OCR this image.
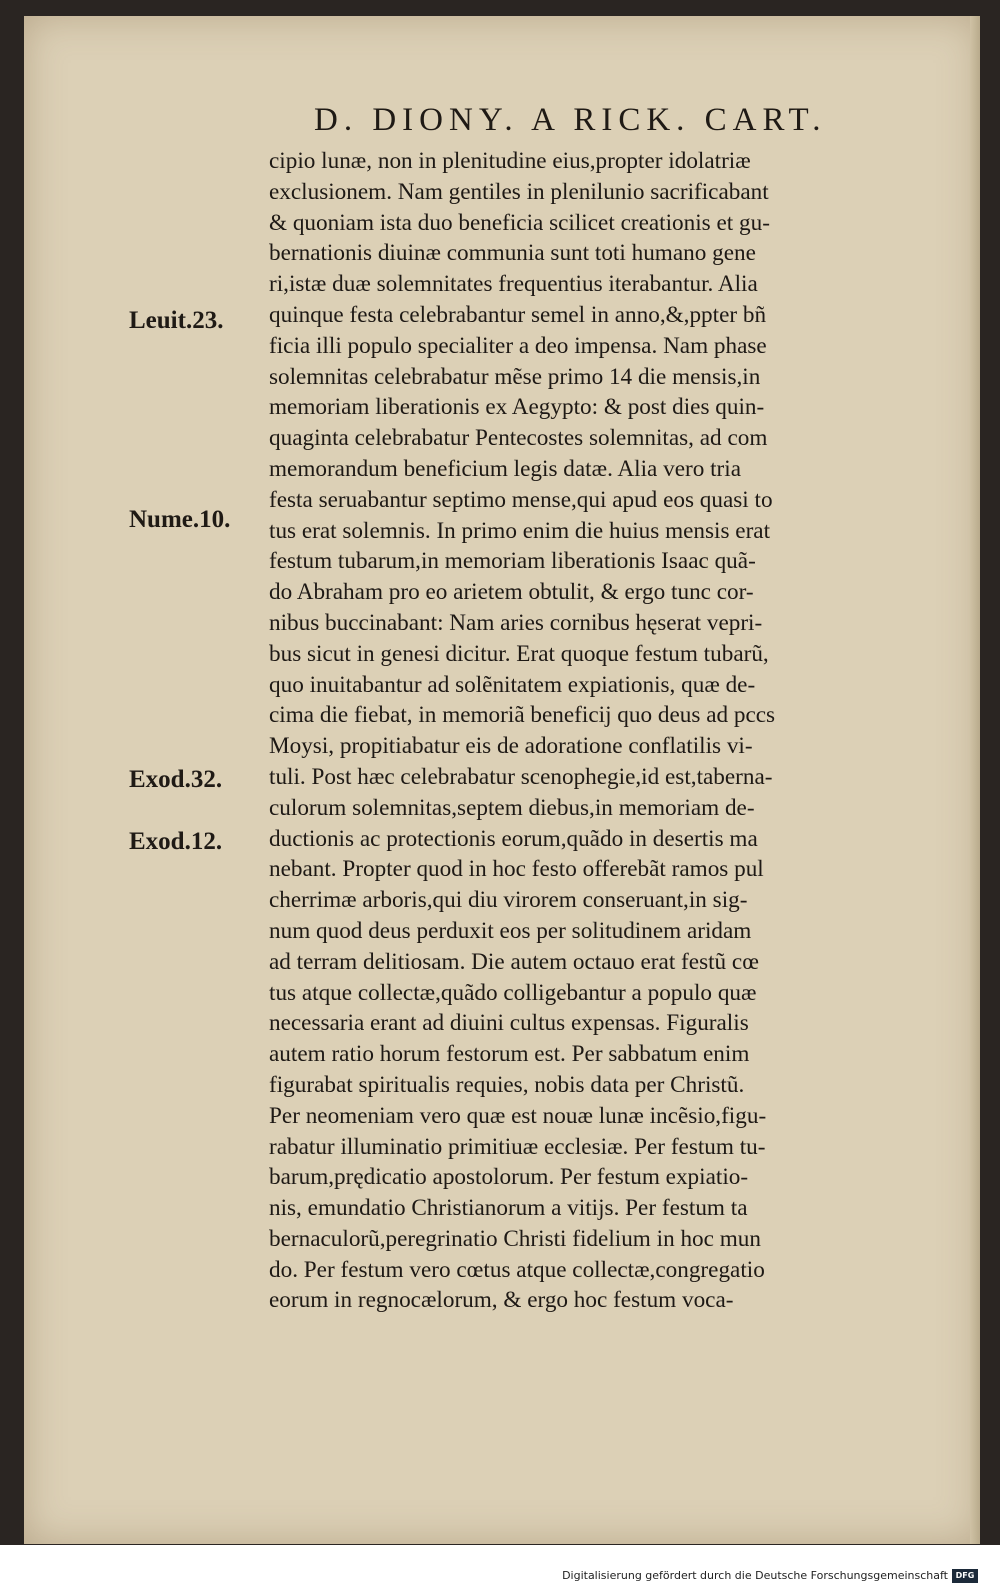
D. DIONY. A RICK. CART.
Leuit.23.
Nume.10.
Exod.32.
Exod.12.
cipio lunæ, non in plenitudine eius,propter idolatriæ
exclusionem. Nam gentiles in plenilunio sacrificabant
& quoniam ista duo beneficia scilicet creationis et gu-
bernationis diuinæ communia sunt toti humano gene
ri,istæ duæ solemnitates frequentius iterabantur. Alia
quinque festa celebrabantur semel in anno,&,ppter bñ
ficia illi populo specialiter a deo impensa. Nam phase
solemnitas celebrabatur mẽse primo 14 die mensis,in
memoriam liberationis ex Aegypto: & post dies quin-
quaginta celebrabatur Pentecostes solemnitas, ad com
memorandum beneficium legis datæ. Alia vero tria
festa seruabantur septimo mense,qui apud eos quasi to
tus erat solemnis. In primo enim die huius mensis erat
festum tubarum,in memoriam liberationis Isaac quã-
do Abraham pro eo arietem obtulit, & ergo tunc cor-
nibus buccinabant: Nam aries cornibus hęserat vepri-
bus sicut in genesi dicitur. Erat quoque festum tubarũ,
quo inuitabantur ad solẽnitatem expiationis, quæ de-
cima die fiebat, in memoriã beneficij quo deus ad pccs
Moysi, propitiabatur eis de adoratione conflatilis vi-
tuli. Post hæc celebrabatur scenophegie,id est,taberna-
culorum solemnitas,septem diebus,in memoriam de-
ductionis ac protectionis eorum,quãdo in desertis ma
nebant. Propter quod in hoc festo offerebãt ramos pul
cherrimæ arboris,qui diu virorem conseruant,in sig-
num quod deus perduxit eos per solitudinem aridam
ad terram delitiosam. Die autem octauo erat festũ cœ
tus atque collectæ,quãdo colligebantur a populo quæ
necessaria erant ad diuini cultus expensas. Figuralis
autem ratio horum festorum est. Per sabbatum enim
figurabat spiritualis requies, nobis data per Christũ.
Per neomeniam vero quæ est nouæ lunæ incẽsio,figu-
rabatur illuminatio primitiuæ ecclesiæ. Per festum tu-
barum,prędicatio apostolorum. Per festum expiatio-
nis, emundatio Christianorum a vitijs. Per festum ta
bernaculorũ,peregrinatio Christi fidelium in hoc mun
do. Per festum vero cœtus atque collectæ,congregatio
eorum in regnocælorum, & ergo hoc festum voca-
Digitalisierung gefördert durch die Deutsche Forschungsgemeinschaft DFG
